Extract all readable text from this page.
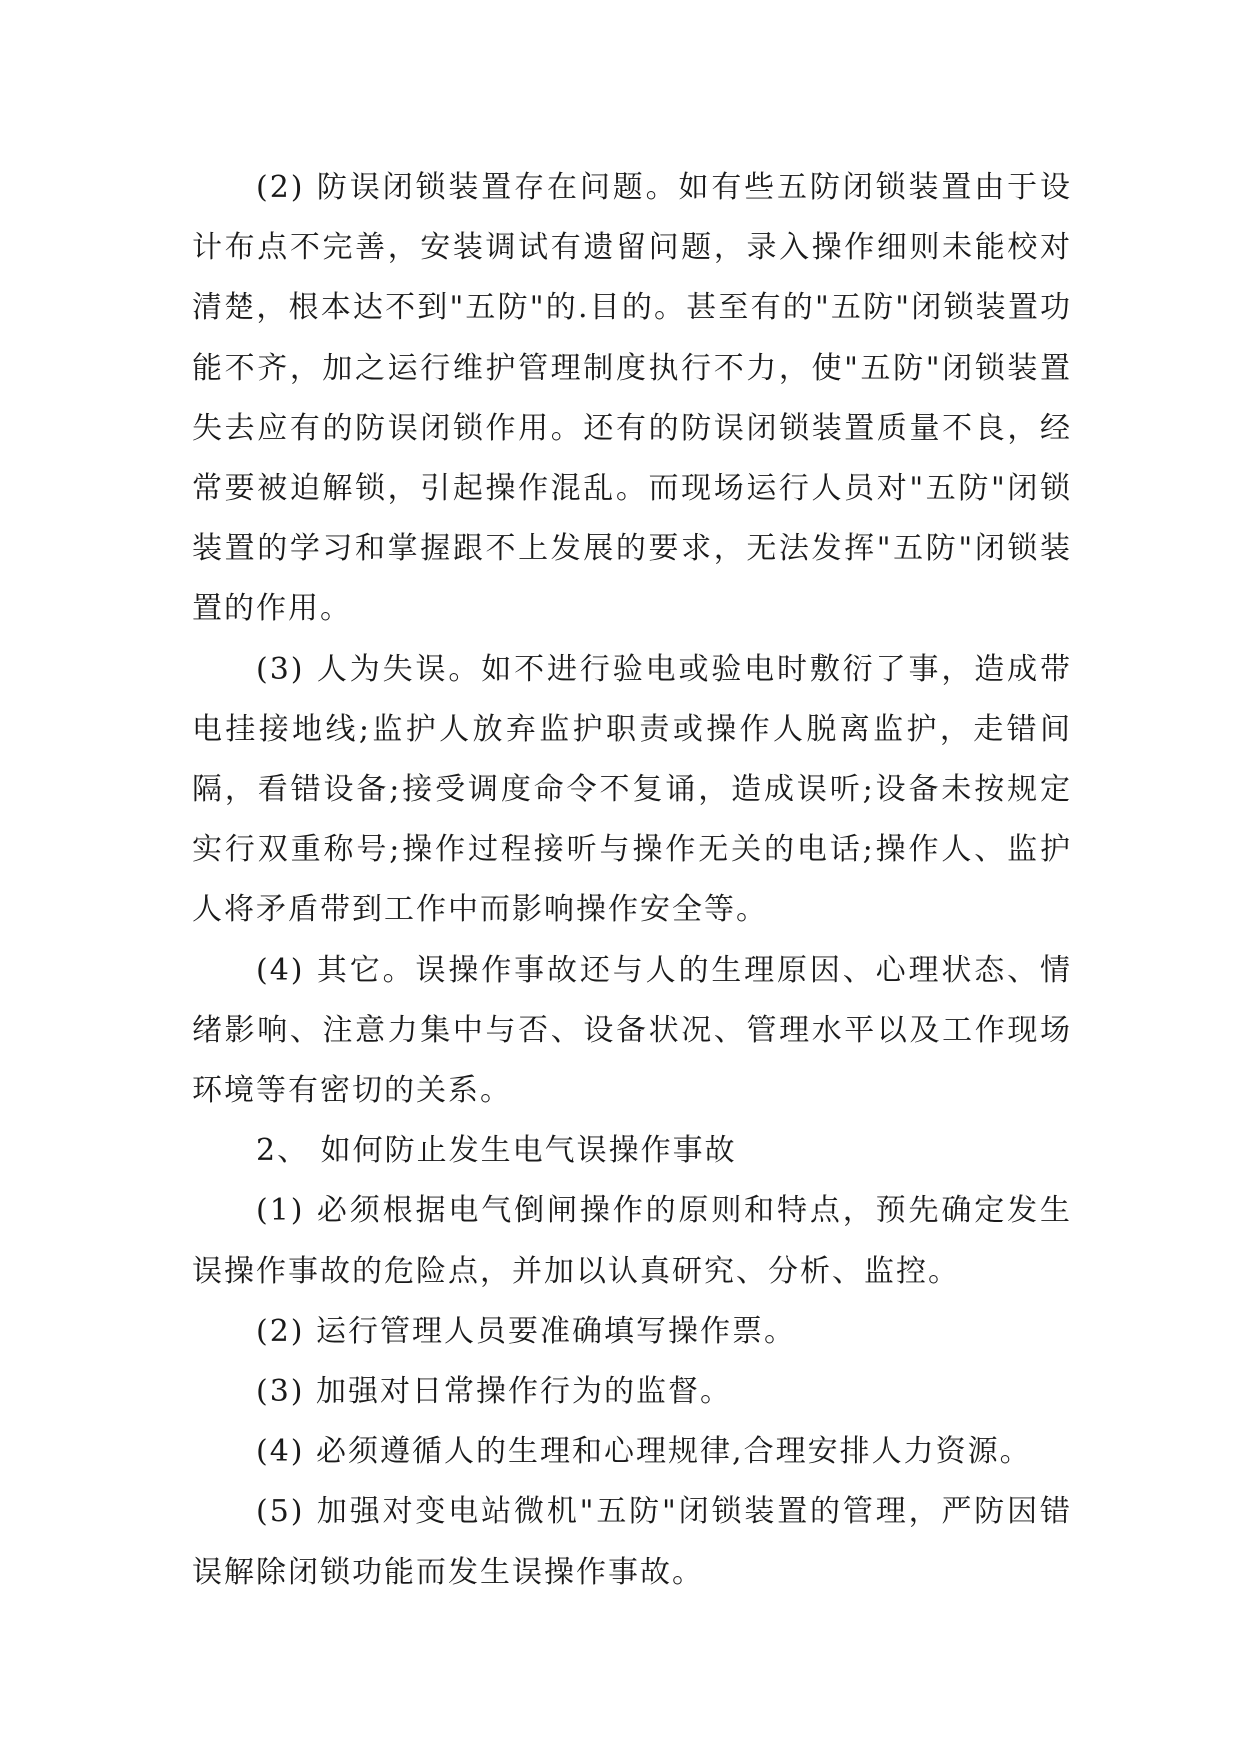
(2) 防误闭锁装置存在问题。如有些五防闭锁装置由于设计布点不完善，安装调试有遗留问题，录入操作细则未能校对清楚，根本达不到"五防"的.目的。甚至有的"五防"闭锁装置功能不齐，加之运行维护管理制度执行不力，使"五防"闭锁装置失去应有的防误闭锁作用。还有的防误闭锁装置质量不良，经常要被迫解锁，引起操作混乱。而现场运行人员对"五防"闭锁装置的学习和掌握跟不上发展的要求，无法发挥"五防"闭锁装置的作用。

(3) 人为失误。如不进行验电或验电时敷衍了事，造成带电挂接地线;监护人放弃监护职责或操作人脱离监护，走错间隔，看错设备;接受调度命令不复诵，造成误听;设备未按规定实行双重称号;操作过程接听与操作无关的电话;操作人、监护人将矛盾带到工作中而影响操作安全等。

(4) 其它。误操作事故还与人的生理原因、心理状态、情绪影响、注意力集中与否、设备状况、管理水平以及工作现场环境等有密切的关系。

2、 如何防止发生电气误操作事故

(1) 必须根据电气倒闸操作的原则和特点，预先确定发生误操作事故的危险点，并加以认真研究、分析、监控。

(2) 运行管理人员要准确填写操作票。

(3) 加强对日常操作行为的监督。

(4) 必须遵循人的生理和心理规律,合理安排人力资源。

(5) 加强对变电站微机"五防"闭锁装置的管理，严防因错误解除闭锁功能而发生误操作事故。
